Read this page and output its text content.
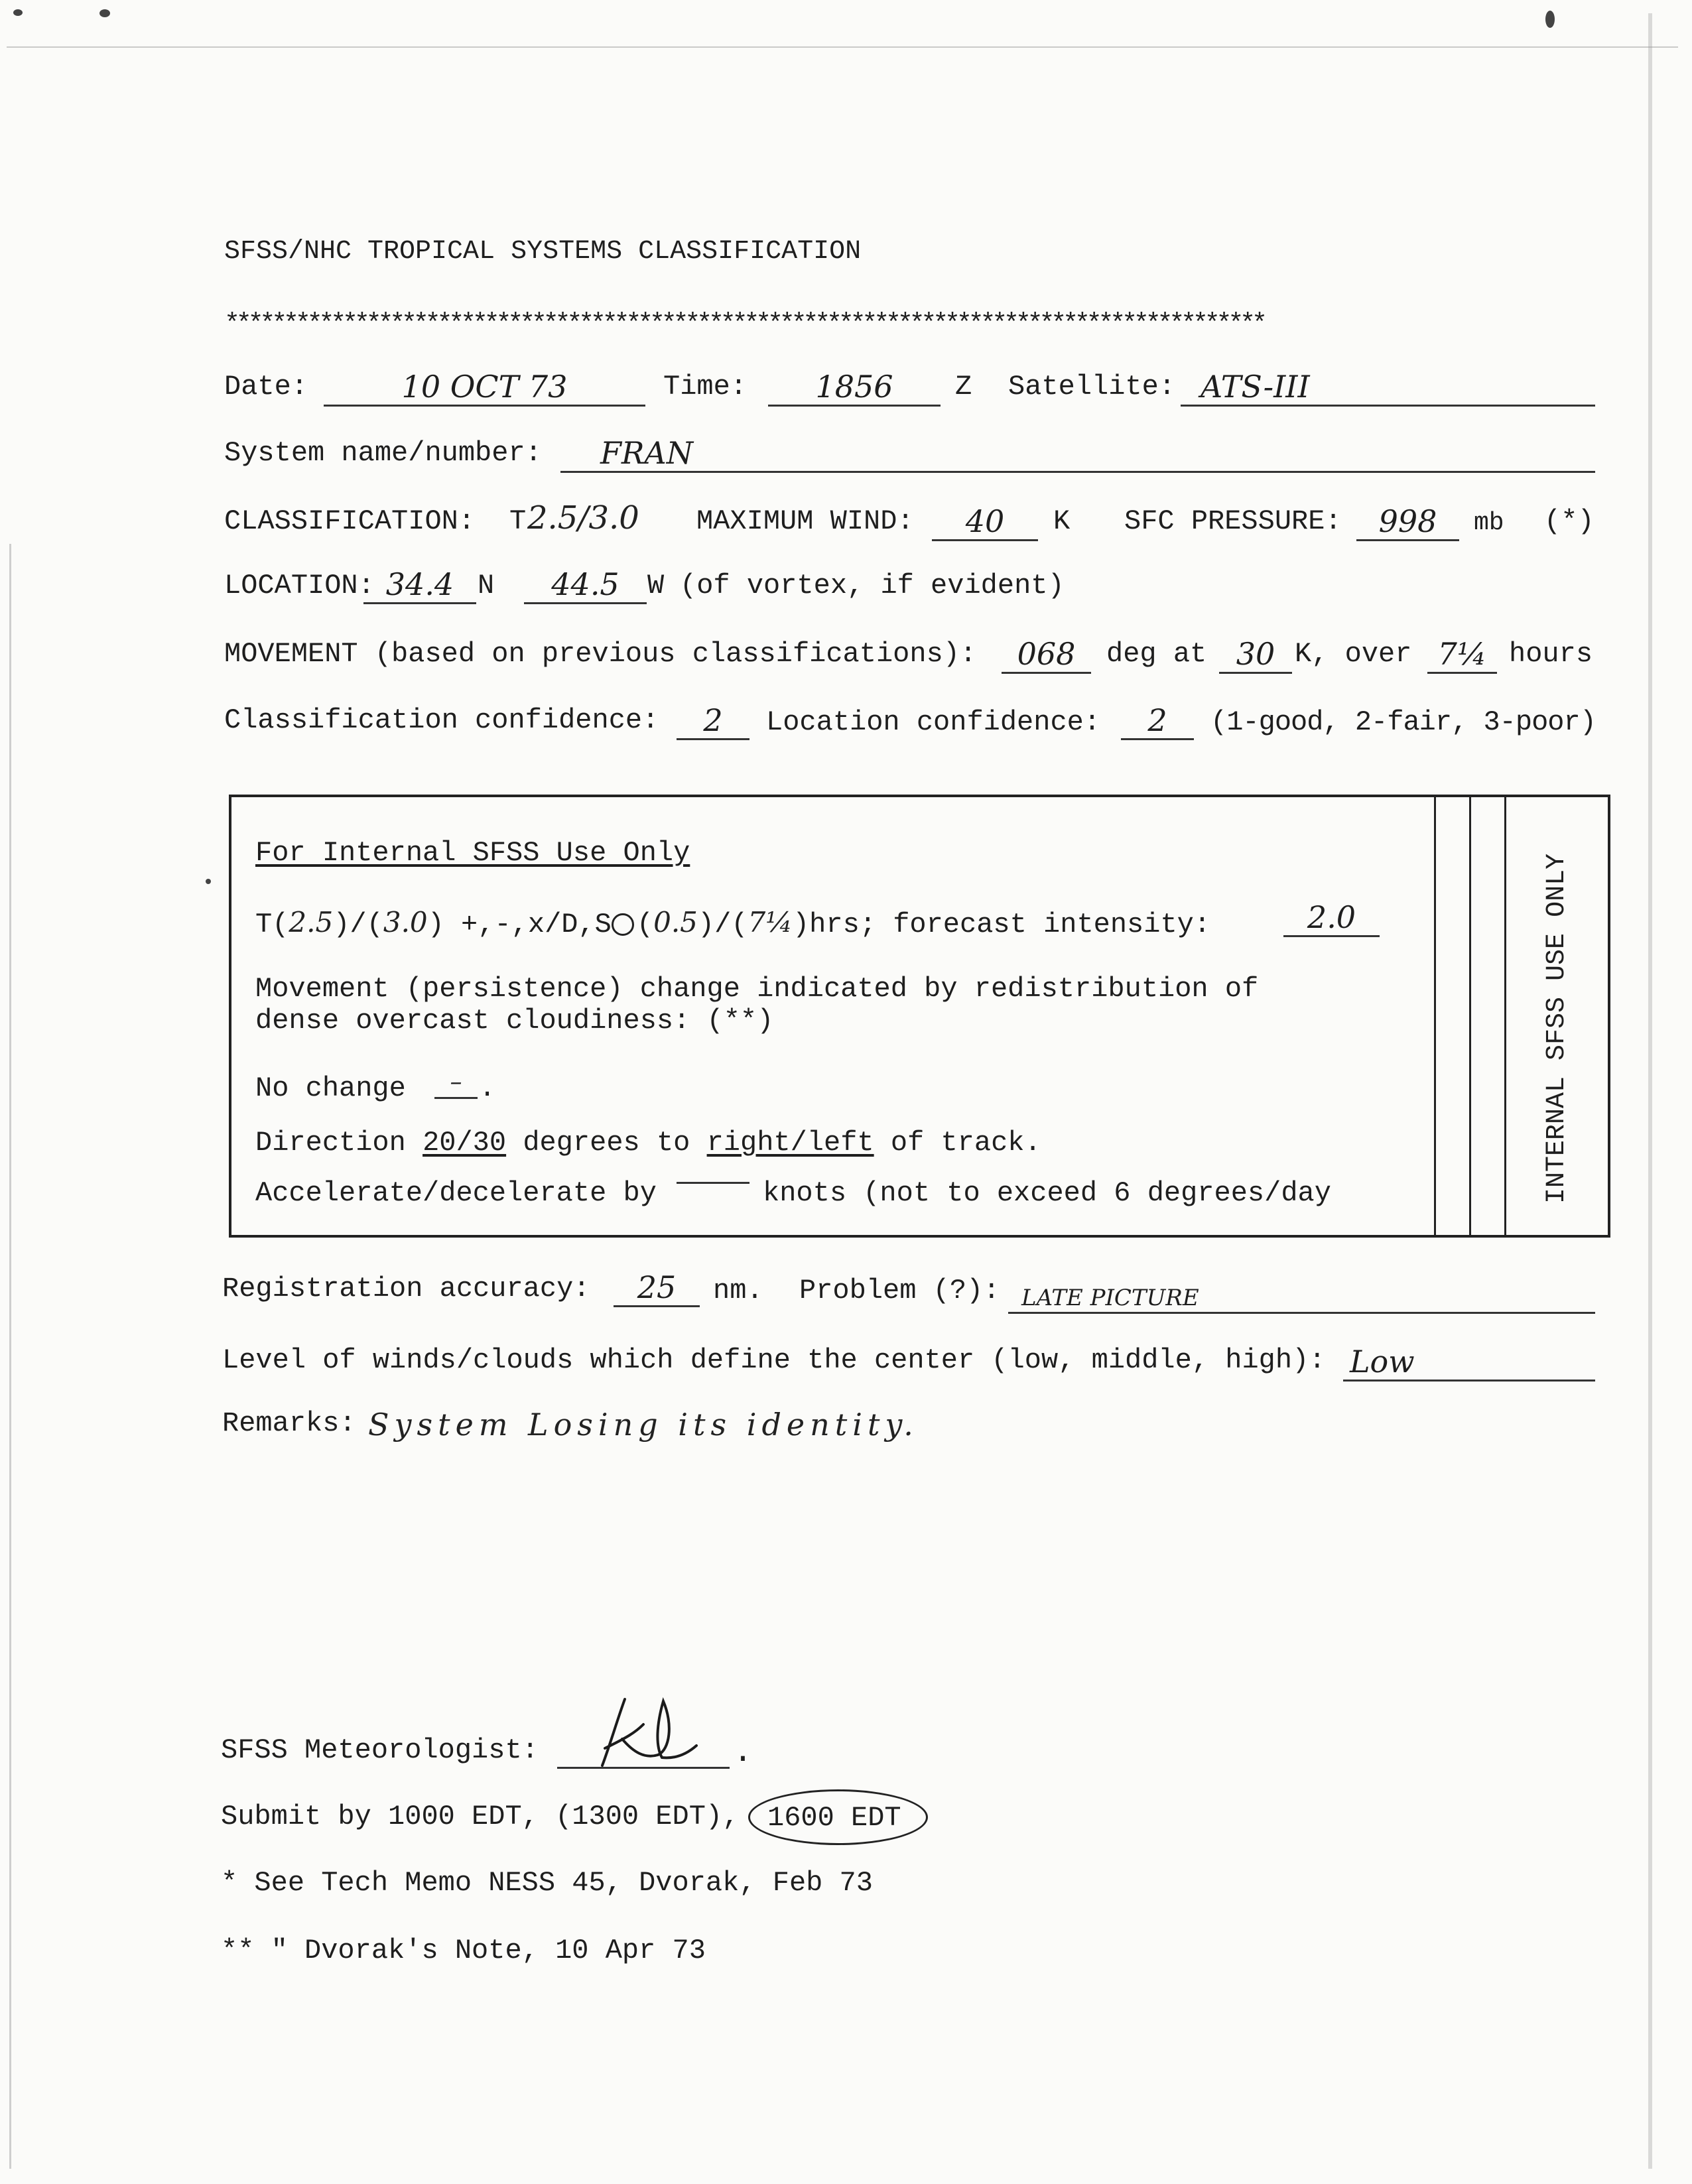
SFSS/NHC TROPICAL SYSTEMS CLASSIFICATION
****************************************************************************************
Date:	10 OCT 73	Time: 1856 Z Satellite: ATS-III
System name/number:	FRAN
CLASSIFICATION: T 2.5/3.0 MAXIMUM WIND: 40 K SFC PRESSURE: 998 mb (*)
LOCATION: 34.4 N 44.5 W (of vortex, if evident)
MOVEMENT (based on previous classifications): 068 deg at 30 K, over 7¼ hours
Classification confidence: 2 Location confidence: 2 (1-good, 2-fair, 3-poor)
INTERNAL SFSS USE ONLY
For Internal SFSS Use Only
T(2.5)/(3.0) +,-,x/D,S (0.5)/(7¼)hrs; forecast intensity:	2.0
Movement (persistence) change indicated by redistribution of
dense overcast cloudiness: (**)
No change – .
Direction 20/30 degrees to right/left of track.
Accelerate/decelerate by	knots (not to exceed 6 degrees/day
Registration accuracy: 25 nm. Problem (?): LATE PICTURE
Level of winds/clouds which define the center (low, middle, high): Low
Remarks: System Losing its identity.
SFSS Meteorologist:	.
Submit by 1000 EDT, (1300 EDT), 1600 EDT
* See Tech Memo NESS 45, Dvorak, Feb 73
** " Dvorak's Note, 10 Apr 73
